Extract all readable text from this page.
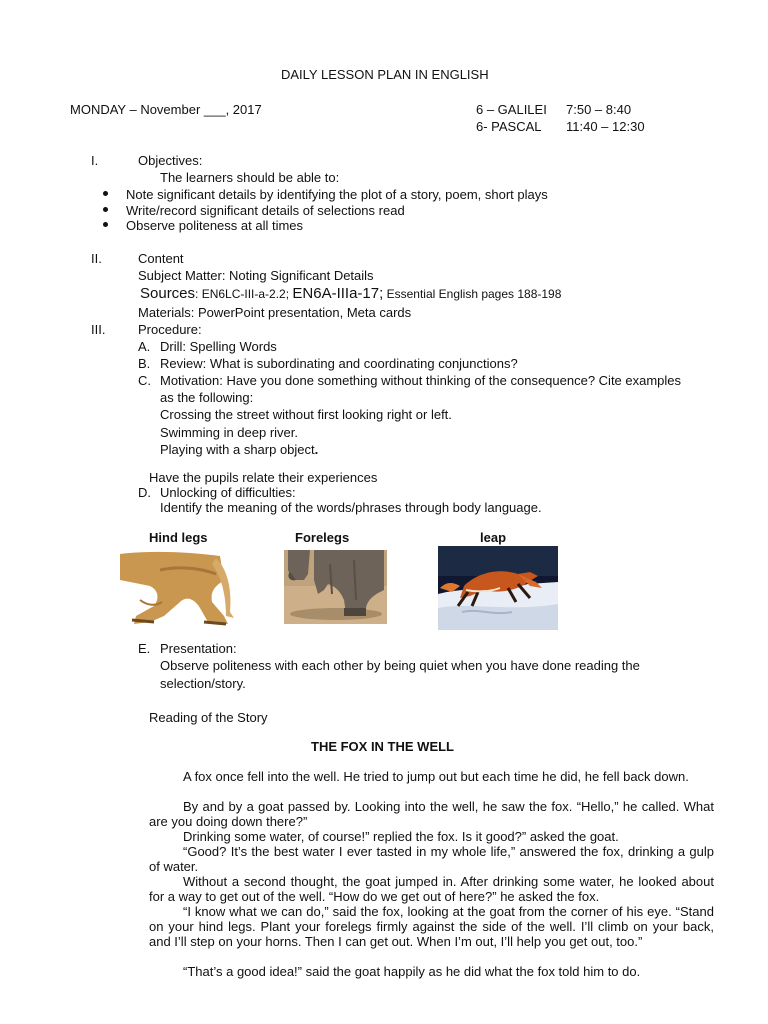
DAILY LESSON PLAN IN ENGLISH
MONDAY – November ___, 2017	6 – GALILEI 7:50 – 8:40
6- PASCAL 11:40 – 12:30
I.	Objectives:
The learners should be able to:
Note significant details by identifying the plot of a story, poem, short plays
Write/record significant details of selections read
Observe politeness at all times
II.	Content
Subject Matter: Noting Significant Details
Sources: EN6LC-III-a-2.2; EN6A-IIIa-17; Essential English pages 188-198
Materials: PowerPoint presentation, Meta cards
III.	Procedure:
A. Drill: Spelling Words
B. Review: What is subordinating and coordinating conjunctions?
C. Motivation: Have you done something without thinking of the consequence? Cite examples
as the following:
Crossing the street without first looking right or left.
Swimming in deep river.
Playing with a sharp object.
Have the pupils relate their experiences
D. Unlocking of difficulties:
Identify the meaning of the words/phrases through body language.
Hind legs	Forelegs	leap
E. Presentation:
Observe politeness with each other by being quiet when you have done reading the
selection/story.
Reading of the Story
THE FOX IN THE WELL

A fox once fell into the well. He tried to jump out but each time he did, he fell back down.

By and by a goat passed by. Looking into the well, he saw the fox. “Hello,” he called. What are you doing down there?”

Drinking some water, of course!” replied the fox. Is it good?” asked the goat.

“Good? It’s the best water I ever tasted in my whole life,” answered the fox, drinking a gulp of water.

Without a second thought, the goat jumped in. After drinking some water, he looked about for a way to get out of the well. “How do we get out of here?” he asked the fox.

“I know what we can do,” said the fox, looking at the goat from the corner of his eye. “Stand on your hind legs. Plant your forelegs firmly against the side of the well. I’ll climb on your back, and I’ll step on your horns. Then I can get out. When I’m out, I’ll help you get out, too.”

“That’s a good idea!” said the goat happily as he did what the fox told him to do.
